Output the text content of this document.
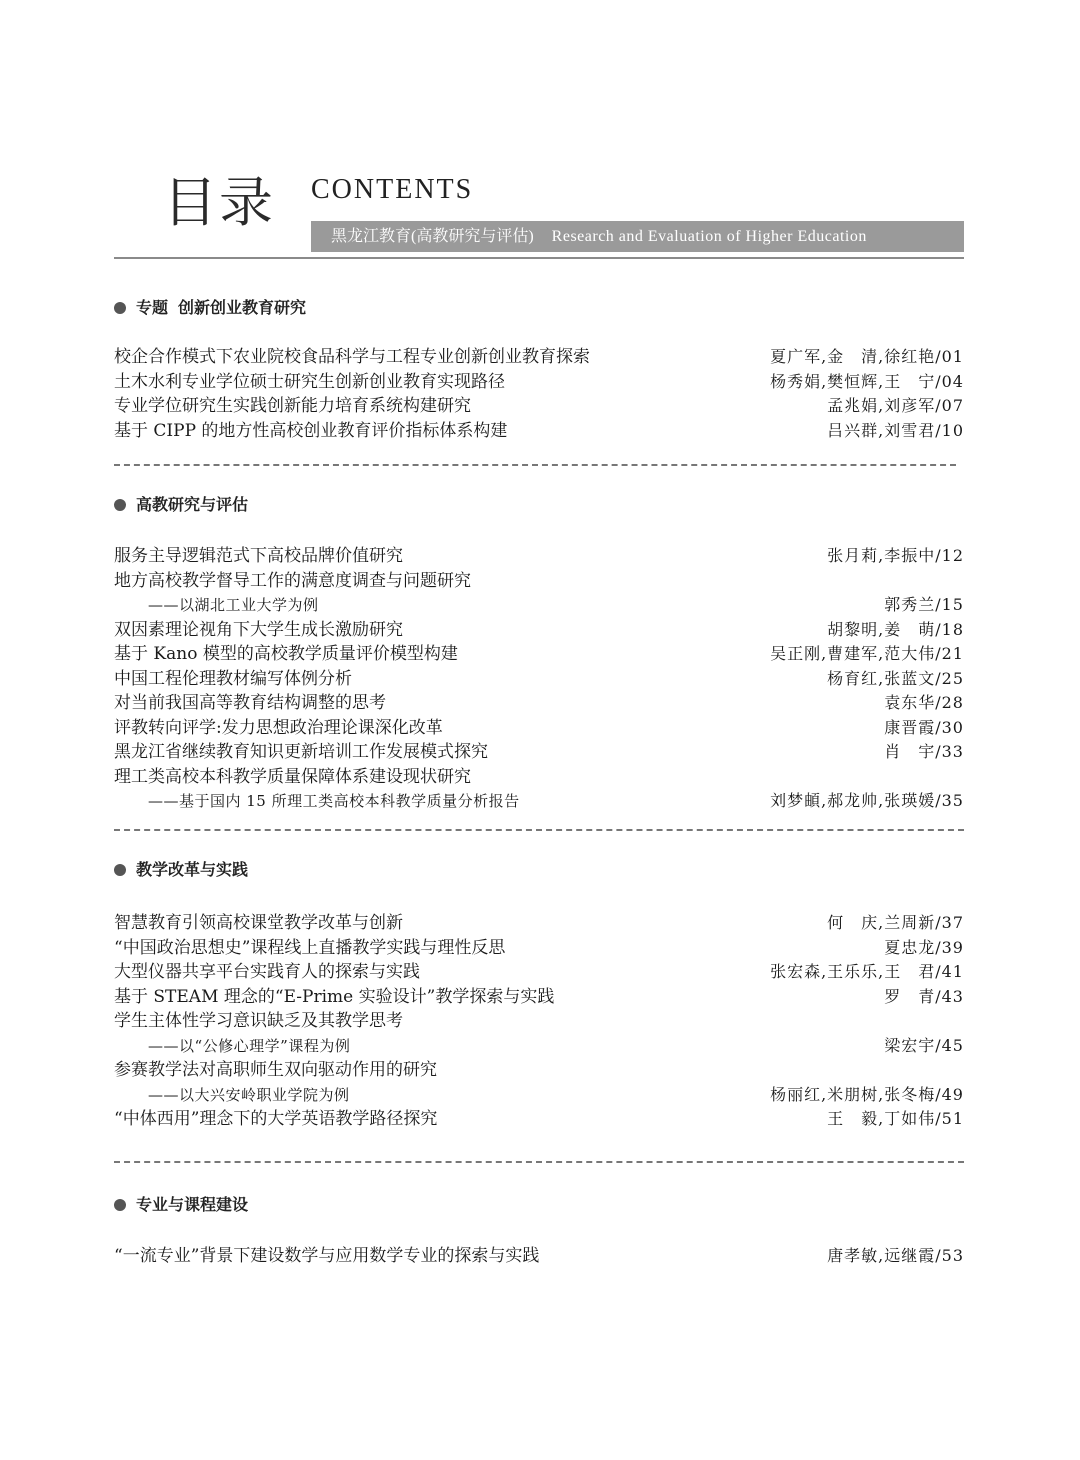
目录 CONTENTS
黑龙江教育(高教研究与评估) Research and Evaluation of Higher Education
专题 创新创业教育研究
校企合作模式下农业院校食品科学与工程专业创新创业教育探索	夏广军,金　清,徐红艳/01
土木水利专业学位硕士研究生创新创业教育实现路径	杨秀娟,樊恒辉,王　宁/04
专业学位研究生实践创新能力培育系统构建研究	孟兆娟,刘彦军/07
基于 CIPP 的地方性高校创业教育评价指标体系构建	吕兴群,刘雪君/10
高教研究与评估
服务主导逻辑范式下高校品牌价值研究	张月莉,李振中/12
地方高校教学督导工作的满意度调查与问题研究
——以湖北工业大学为例	郭秀兰/15
双因素理论视角下大学生成长激励研究	胡黎明,姜　萌/18
基于 Kano 模型的高校教学质量评价模型构建	吴正刚,曹建军,范大伟/21
中国工程伦理教材编写体例分析	杨育红,张蓝文/25
对当前我国高等教育结构调整的思考	袁东华/28
评教转向评学:发力思想政治理论课深化改革	康晋霞/30
黑龙江省继续教育知识更新培训工作发展模式探究	肖　宇/33
理工类高校本科教学质量保障体系建设现状研究
——基于国内 15 所理工类高校本科教学质量分析报告	刘梦頔,郝龙帅,张瑛媛/35
教学改革与实践
智慧教育引领高校课堂教学改革与创新	何　庆,兰周新/37
“中国政治思想史”课程线上直播教学实践与理性反思	夏忠龙/39
大型仪器共享平台实践育人的探索与实践	张宏森,王乐乐,王　君/41
基于 STEAM 理念的“E-Prime 实验设计”教学探索与实践	罗　青/43
学生主体性学习意识缺乏及其教学思考
——以“公修心理学”课程为例	梁宏宇/45
参赛教学法对高职师生双向驱动作用的研究
——以大兴安岭职业学院为例	杨丽红,米朋树,张冬梅/49
“中体西用”理念下的大学英语教学路径探究	王　毅,丁如伟/51
专业与课程建设
“一流专业”背景下建设数学与应用数学专业的探索与实践	唐孝敏,远继霞/53
